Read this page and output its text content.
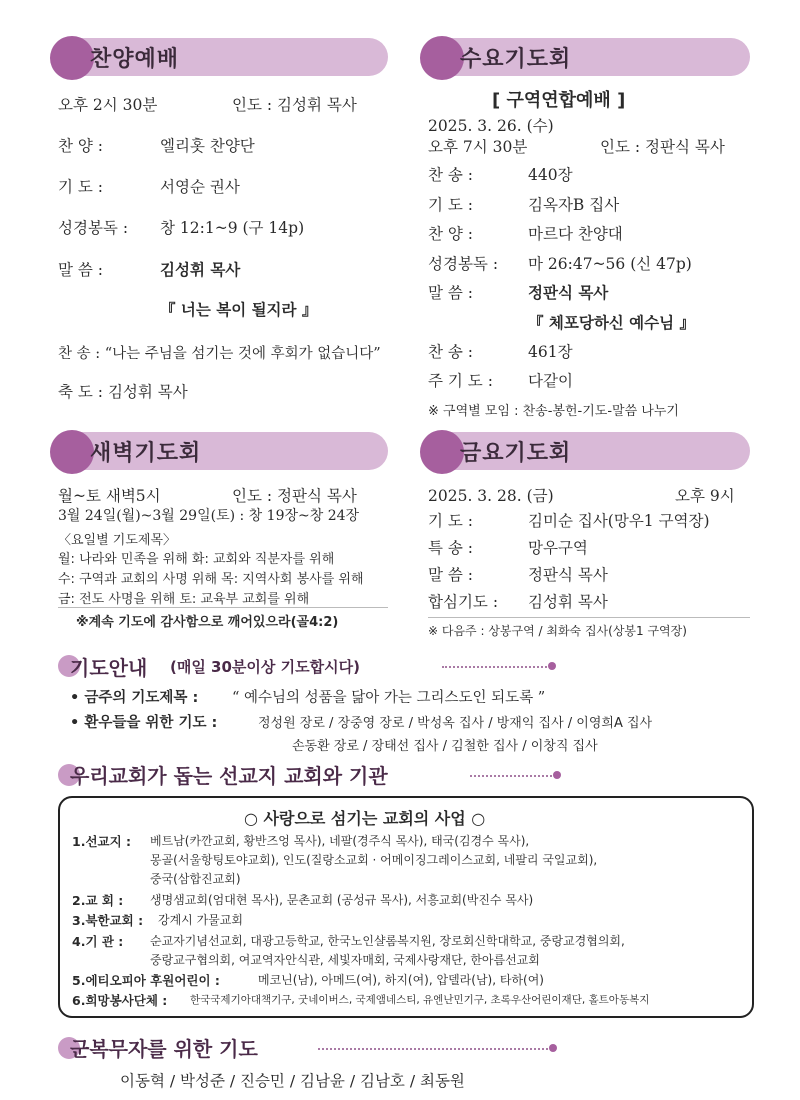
찬양예배
오후 2시 30분	인도 : 김성휘 목사
찬 양 :	엘리홋 찬양단
기 도 :	서영순 권사
성경봉독 : 창 12:1~9 (구 14p)
말 씀 :	김성휘 목사
『 너는 복이 될지라 』
찬 송 : “나는 주님을 섬기는 것에 후회가 없습니다”
축 도 : 김성휘 목사
수요기도회
[ 구역연합예배 ]
2025. 3. 26. (수)
오후 7시 30분	인도 : 정판식 목사
찬 송 :	440장
기 도 :	김옥자B 집사
찬 양 :	마르다 찬양대
성경봉독 : 마 26:47~56 (신 47p)
말 씀 :	정판식 목사
『 체포당하신 예수님 』
찬 송 :	461장
주 기 도 : 다같이
※ 구역별 모임 : 찬송-봉헌-기도-말씀 나누기
새벽기도회
월~토 새벽5시	인도 : 정판식 목사
3월 24일(월)~3월 29일(토) : 창 19장~창 24장
〈요일별 기도제목〉
월: 나라와 민족을 위해 화: 교회와 직분자를 위해
수: 구역과 교회의 사명 위해 목: 지역사회 봉사를 위해
금: 전도 사명을 위해 토: 교육부 교회를 위해
※계속 기도에 감사함으로 깨어있으라(골4:2)
금요기도회
2025. 3. 28. (금)	오후 9시
기 도 :	김미순 집사(망우1 구역장)
특 송 :	망우구역
말 씀 :	정판식 목사
합심기도 : 김성휘 목사
※ 다음주 : 상봉구역 / 최화숙 집사(상봉1 구역장)
기도안내 (매일 30분이상 기도합시다)
• 금주의 기도제목 : “ 예수님의 성품을 닮아 가는 그리스도인 되도록 ”
• 환우들을 위한 기도 :	정성원 장로 / 장중영 장로 / 박성옥 집사 / 방재익 집사 / 이영희A 집사
손동환 장로 / 장태선 집사 / 김철한 집사 / 이창직 집사
우리교회가 돕는 선교지 교회와 기관
○ 사랑으로 섬기는 교회의 사업 ○
1.선교지 : 베트남(카깐교회, 황반즈엉 목사), 네팔(경주식 목사), 태국(김경수 목사),
몽골(서울항팅토야교회), 인도(질랑소교회 · 어메이징그레이스교회, 네팔리 국일교회),
중국(삼합진교회)
2.교 회 : 생명샘교회(엄대현 목사), 문촌교회 (공성규 목사), 서흥교회(박진수 목사)
3.북한교회 : 강계시 가물교회
4.기 관 : 순교자기념선교회, 대광고등학교, 한국노인샬롬복지원, 장로회신학대학교, 중랑교경협의회,
중랑교구협의회, 여교역자안식관, 세빛자매회, 국제사랑재단, 한아름선교회
5.에티오피아 후원어린이 :	메코닌(남), 아메드(여), 하지(여), 압델라(남), 타하(여)
6.희망봉사단체 : 한국국제기아대책기구, 굿네이버스, 국제앰네스티, 유엔난민기구, 초록우산어린이재단, 홀트아동복지
군복무자를 위한 기도
이동혁 / 박성준 / 진승민 / 김남윤 / 김남호 / 최동원
